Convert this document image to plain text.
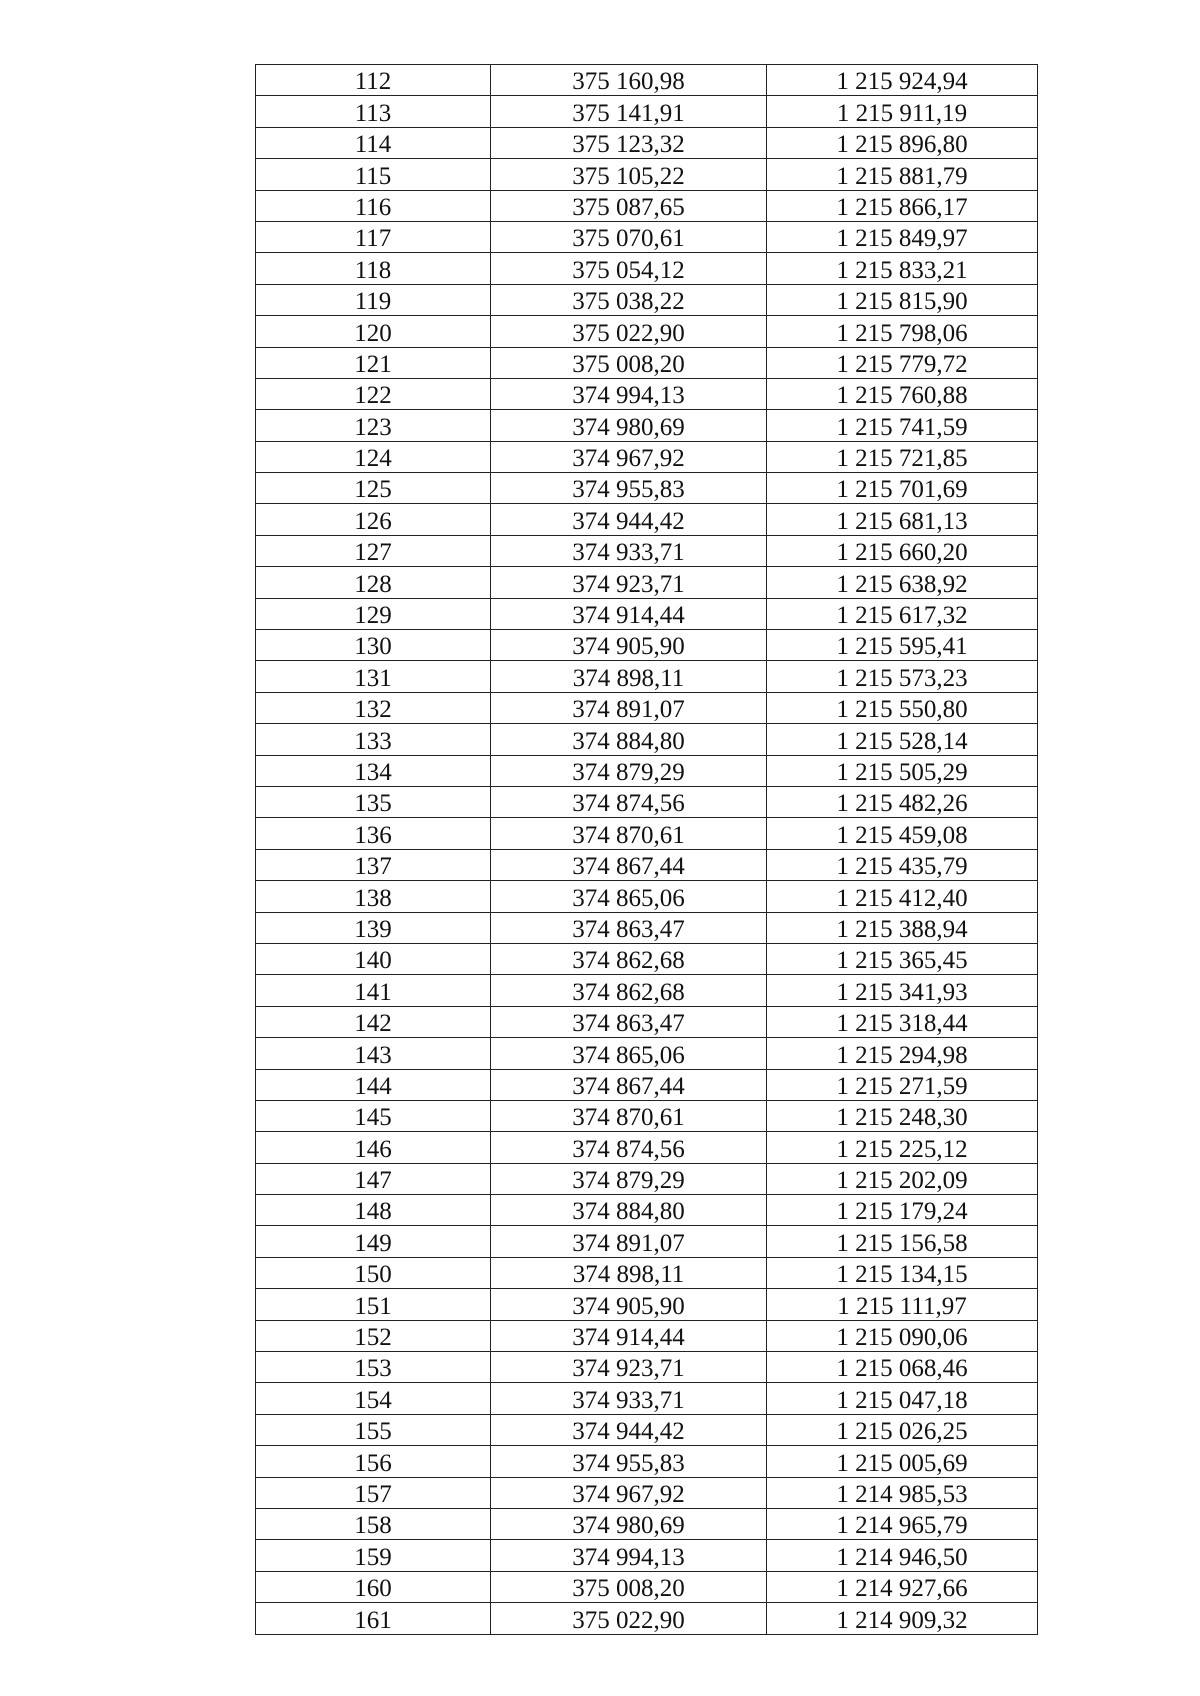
112	375 160,98	1 215 924,94
113	375 141,91	1 215 911,19
114	375 123,32	1 215 896,80
115	375 105,22	1 215 881,79
116	375 087,65	1 215 866,17
117	375 070,61	1 215 849,97
118	375 054,12	1 215 833,21
119	375 038,22	1 215 815,90
120	375 022,90	1 215 798,06
121	375 008,20	1 215 779,72
122	374 994,13	1 215 760,88
123	374 980,69	1 215 741,59
124	374 967,92	1 215 721,85
125	374 955,83	1 215 701,69
126	374 944,42	1 215 681,13
127	374 933,71	1 215 660,20
128	374 923,71	1 215 638,92
129	374 914,44	1 215 617,32
130	374 905,90	1 215 595,41
131	374 898,11	1 215 573,23
132	374 891,07	1 215 550,80
133	374 884,80	1 215 528,14
134	374 879,29	1 215 505,29
135	374 874,56	1 215 482,26
136	374 870,61	1 215 459,08
137	374 867,44	1 215 435,79
138	374 865,06	1 215 412,40
139	374 863,47	1 215 388,94
140	374 862,68	1 215 365,45
141	374 862,68	1 215 341,93
142	374 863,47	1 215 318,44
143	374 865,06	1 215 294,98
144	374 867,44	1 215 271,59
145	374 870,61	1 215 248,30
146	374 874,56	1 215 225,12
147	374 879,29	1 215 202,09
148	374 884,80	1 215 179,24
149	374 891,07	1 215 156,58
150	374 898,11	1 215 134,15
151	374 905,90	1 215 111,97
152	374 914,44	1 215 090,06
153	374 923,71	1 215 068,46
154	374 933,71	1 215 047,18
155	374 944,42	1 215 026,25
156	374 955,83	1 215 005,69
157	374 967,92	1 214 985,53
158	374 980,69	1 214 965,79
159	374 994,13	1 214 946,50
160	375 008,20	1 214 927,66
161	375 022,90	1 214 909,32
